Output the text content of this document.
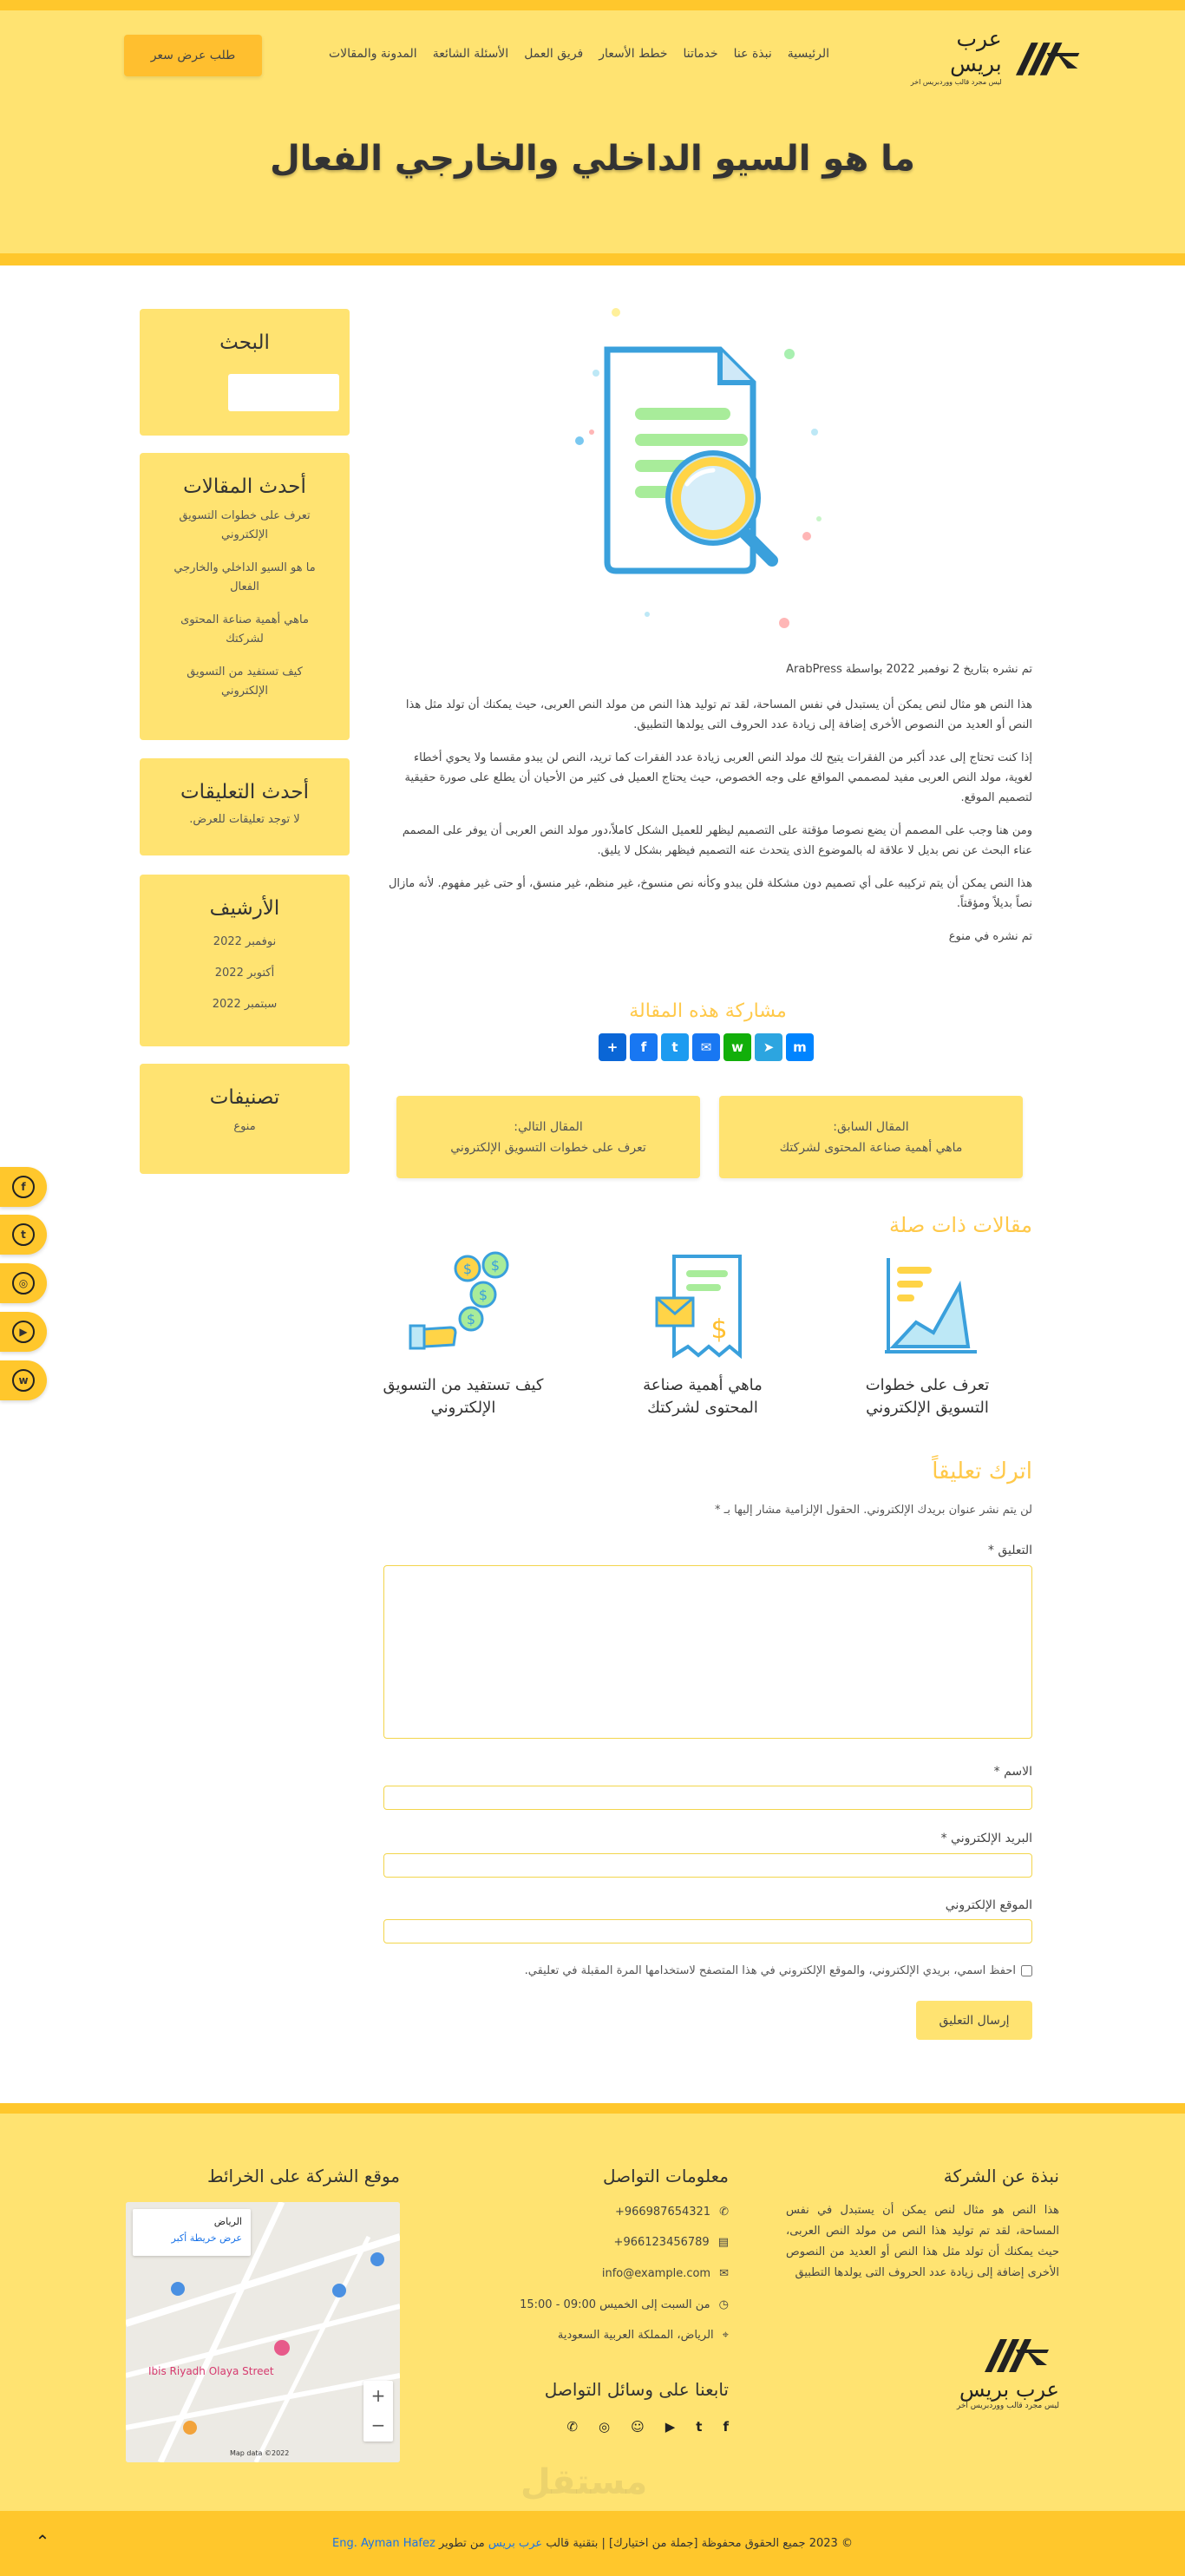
عرب بريس
ليس مجرد قالب ووردبريس اخر
الرئيسية
نبذة عنا
خدماتنا
خطط الأسعار
فريق العمل
الأسئلة الشائعة
المدونة والمقالات
طلب عرض سعر
ما هو السيو الداخلي والخارجي الفعال
البحث
أحدث المقالات
تعرف على خطوات التسويق الإلكتروني
ما هو السيو الداخلي والخارجي الفعال
ماهي أهمية صناعة المحتوى لشركتك
كيف تستفيد من التسويق الإلكتروني
أحدث التعليقات
لا توجد تعليقات للعرض.
الأرشيف
نوفمبر 2022
أكتوبر 2022
سبتمبر 2022
تصنيفات
منوع

تم نشره بتاريخ 2 نوفمبر 2022 بواسطة ArabPress

هذا النص هو مثال لنص يمكن أن يستبدل في نفس المساحة، لقد تم توليد هذا النص من مولد النص العربى، حيث يمكنك أن تولد مثل هذا النص أو العديد من النصوص الأخرى إضافة إلى زيادة عدد الحروف التى يولدها التطبيق.

إذا كنت تحتاج إلى عدد أكبر من الفقرات يتيح لك مولد النص العربى زيادة عدد الفقرات كما تريد، النص لن يبدو مقسما ولا يحوي أخطاء لغوية، مولد النص العربى مفيد لمصممي المواقع على وجه الخصوص، حيث يحتاج العميل فى كثير من الأحيان أن يطلع على صورة حقيقية لتصميم الموقع.

ومن هنا وجب على المصمم أن يضع نصوصا مؤقتة على التصميم ليظهر للعميل الشكل كاملاً،دور مولد النص العربى أن يوفر على المصمم عناء البحث عن نص بديل لا علاقة له بالموضوع الذى يتحدث عنه التصميم فيظهر بشكل لا يليق.

هذا النص يمكن أن يتم تركيبه على أي تصميم دون مشكلة فلن يبدو وكأنه نص منسوخ، غير منظم، غير منسق، أو حتى غير مفهوم. لأنه مازال نصاً بديلاً ومؤقتاً.

تم نشره في منوع

مشاركة هذه المقالة
+	f	t	✉	w	➤	m
المقال السابق:
ماهي أهمية صناعة المحتوى لشركتك
المقال التالي:
تعرف على خطوات التسويق الإلكتروني
مقالات ذات صلة
تعرف على خطوات التسويق الإلكتروني
$
ماهي أهمية صناعة المحتوى لشركتك
$ $
$
$
كيف تستفيد من التسويق الإلكتروني
اترك تعليقاً
لن يتم نشر عنوان بريدك الإلكتروني. الحقول الإلزامية مشار إليها بـ *
التعليق *
الاسم *
البريد الإلكتروني *
الموقع الإلكتروني
احفظ اسمي، بريدي الإلكتروني، والموقع الإلكتروني في هذا المتصفح لاستخدامها المرة المقبلة في تعليقي.
إرسال التعليق
f
t
◎
▶
w
نبذة عن الشركة
هذا النص هو مثال لنص يمكن أن يستبدل في نفس المساحة، لقد تم توليد هذا النص من مولد النص العربى، حيث يمكنك أن تولد مثل هذا النص أو العديد من النصوص الأخرى إضافة إلى زيادة عدد الحروف التى يولدها التطبيق
عرب بريس
ليس مجرد قالب ووردبريس اخر
معلومات التواصل
✆
+966987654321
▤
+966123456789
✉
info@example.com
◷
من السبت إلى الخميس 09:00 - 15:00
⌖
الرياض، المملكة العربية السعودية
تابعنا على وسائل التواصل
f
t
▶
☺
◎
✆
موقع الشركة على الخرائط
الرياض
عرض خريطة أكبر
Ibis Riyadh Olaya Street
+
−
Map data ©2022
مستقل
© 2023 جميع الحقوق محفوظة [جملة من اختيارك] | بتقنية قالب عرب بريس من تطوير Eng. Ayman Hafez
⌃
